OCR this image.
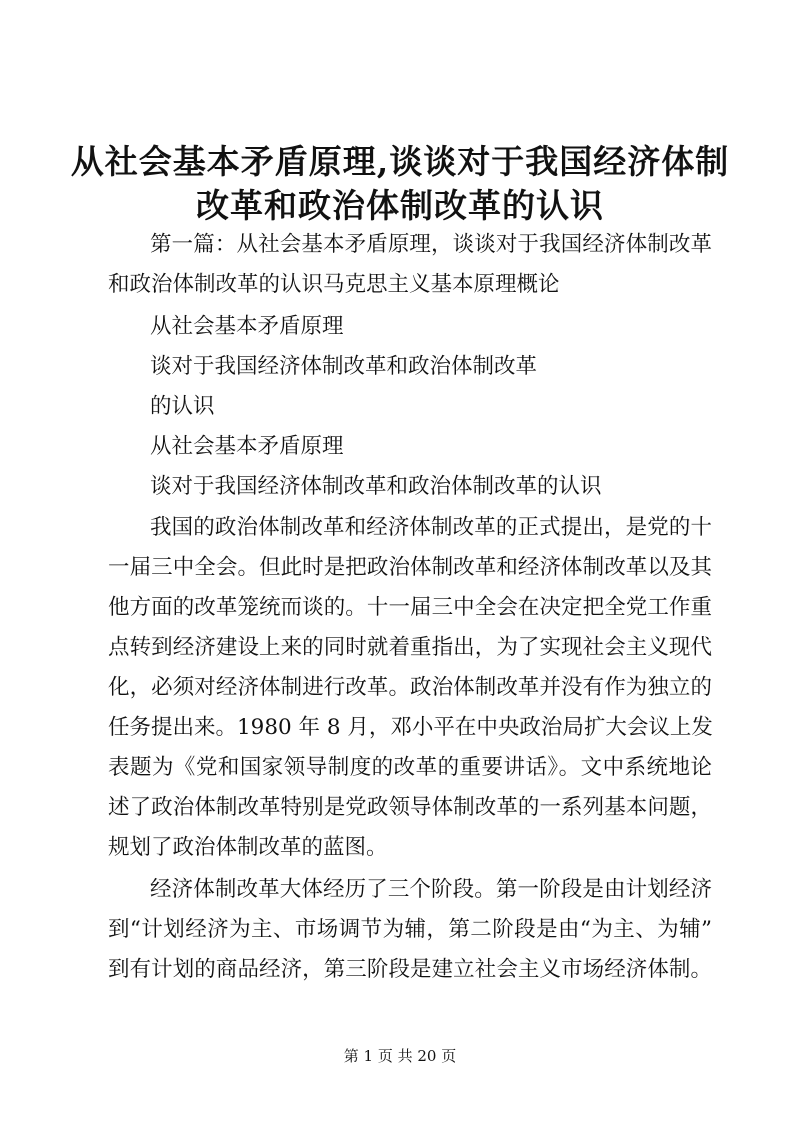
从社会基本矛盾原理,谈谈对于我国经济体制
改革和政治体制改革的认识
第一篇：从社会基本矛盾原理，谈谈对于我国经济体制改革
和政治体制改革的认识马克思主义基本原理概论
从社会基本矛盾原理
谈对于我国经济体制改革和政治体制改革
的认识
从社会基本矛盾原理
谈对于我国经济体制改革和政治体制改革的认识
我国的政治体制改革和经济体制改革的正式提出，是党的十
一届三中全会。但此时是把政治体制改革和经济体制改革以及其
他方面的改革笼统而谈的。十一届三中全会在决定把全党工作重
点转到经济建设上来的同时就着重指出，为了实现社会主义现代
化，必须对经济体制进行改革。政治体制改革并没有作为独立的
任务提出来。1980 年 8 月，邓小平在中央政治局扩大会议上发
表题为《党和国家领导制度的改革的重要讲话》。文中系统地论
述了政治体制改革特别是党政领导体制改革的一系列基本问题，
规划了政治体制改革的蓝图。
经济体制改革大体经历了三个阶段。第一阶段是由计划经济
到“计划经济为主、市场调节为辅，第二阶段是由“为主、为辅”
到有计划的商品经济，第三阶段是建立社会主义市场经济体制。
第 1 页 共 20 页
